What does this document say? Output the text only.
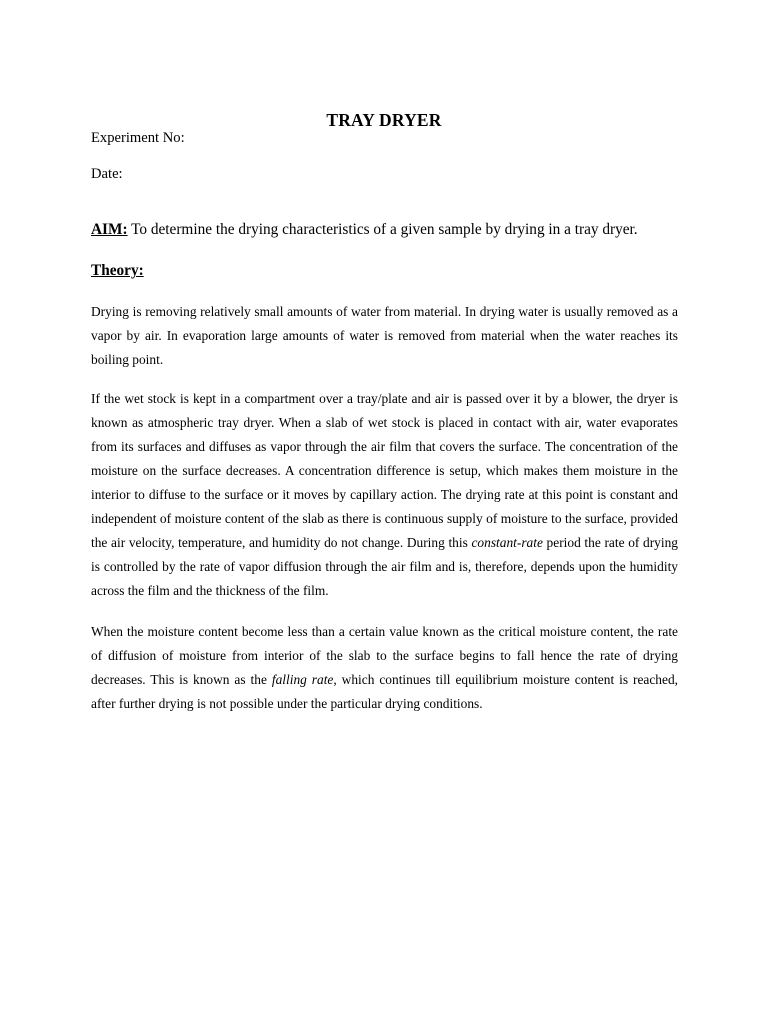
TRAY DRYER
Experiment No:
Date:
AIM: To determine the drying characteristics of a given sample by drying in a tray dryer.
Theory:

Drying is removing relatively small amounts of water from material. In drying water is usually removed as a vapor by air. In evaporation large amounts of water is removed from material when the water reaches its boiling point.

If the wet stock is kept in a compartment over a tray/plate and air is passed over it by a blower, the dryer is known as atmospheric tray dryer. When a slab of wet stock is placed in contact with air, water evaporates from its surfaces and diffuses as vapor through the air film that covers the surface. The concentration of the moisture on the surface decreases. A concentration difference is setup, which makes them moisture in the interior to diffuse to the surface or it moves by capillary action. The drying rate at this point is constant and independent of moisture content of the slab as there is continuous supply of moisture to the surface, provided the air velocity, temperature, and humidity do not change. During this constant-rate period the rate of drying is controlled by the rate of vapor diffusion through the air film and is, therefore, depends upon the humidity across the film and the thickness of the film.

When the moisture content become less than a certain value known as the critical moisture content, the rate of diffusion of moisture from interior of the slab to the surface begins to fall hence the rate of drying decreases. This is known as the falling rate, which continues till equilibrium moisture content is reached, after further drying is not possible under the particular drying conditions.
